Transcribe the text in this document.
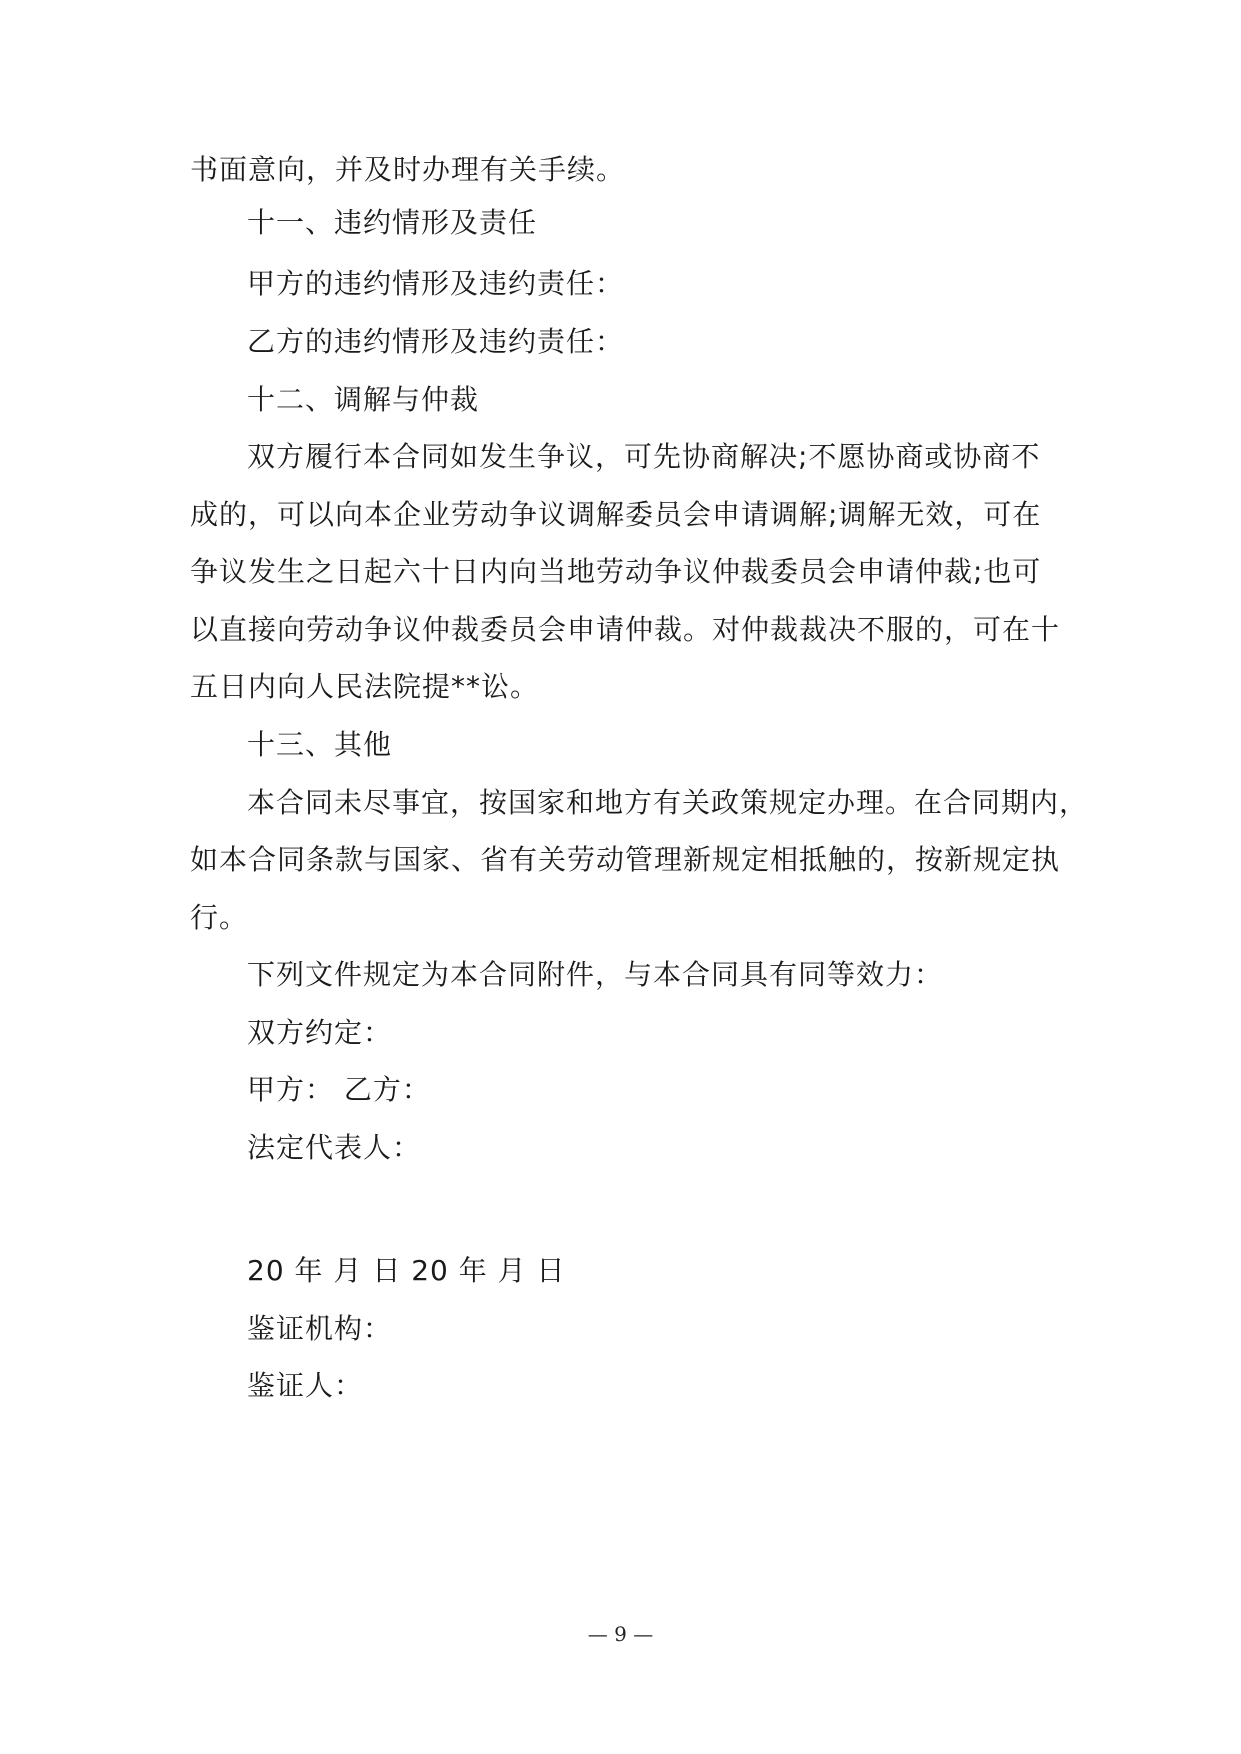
书面意向，并及时办理有关手续。
十一、违约情形及责任
甲方的违约情形及违约责任：
乙方的违约情形及违约责任：
十二、调解与仲裁
双方履行本合同如发生争议，可先协商解决;不愿协商或协商不
成的，可以向本企业劳动争议调解委员会申请调解;调解无效，可在
争议发生之日起六十日内向当地劳动争议仲裁委员会申请仲裁;也可
以直接向劳动争议仲裁委员会申请仲裁。对仲裁裁决不服的，可在十
五日内向人民法院提**讼。
十三、其他
本合同未尽事宜，按国家和地方有关政策规定办理。在合同期内，
如本合同条款与国家、省有关劳动管理新规定相抵触的，按新规定执
行。
下列文件规定为本合同附件，与本合同具有同等效力：
双方约定：
甲方： 乙方：
法定代表人：
20 年 月 日 20 年 月 日
鉴证机构：
鉴证人：
— 9 —
